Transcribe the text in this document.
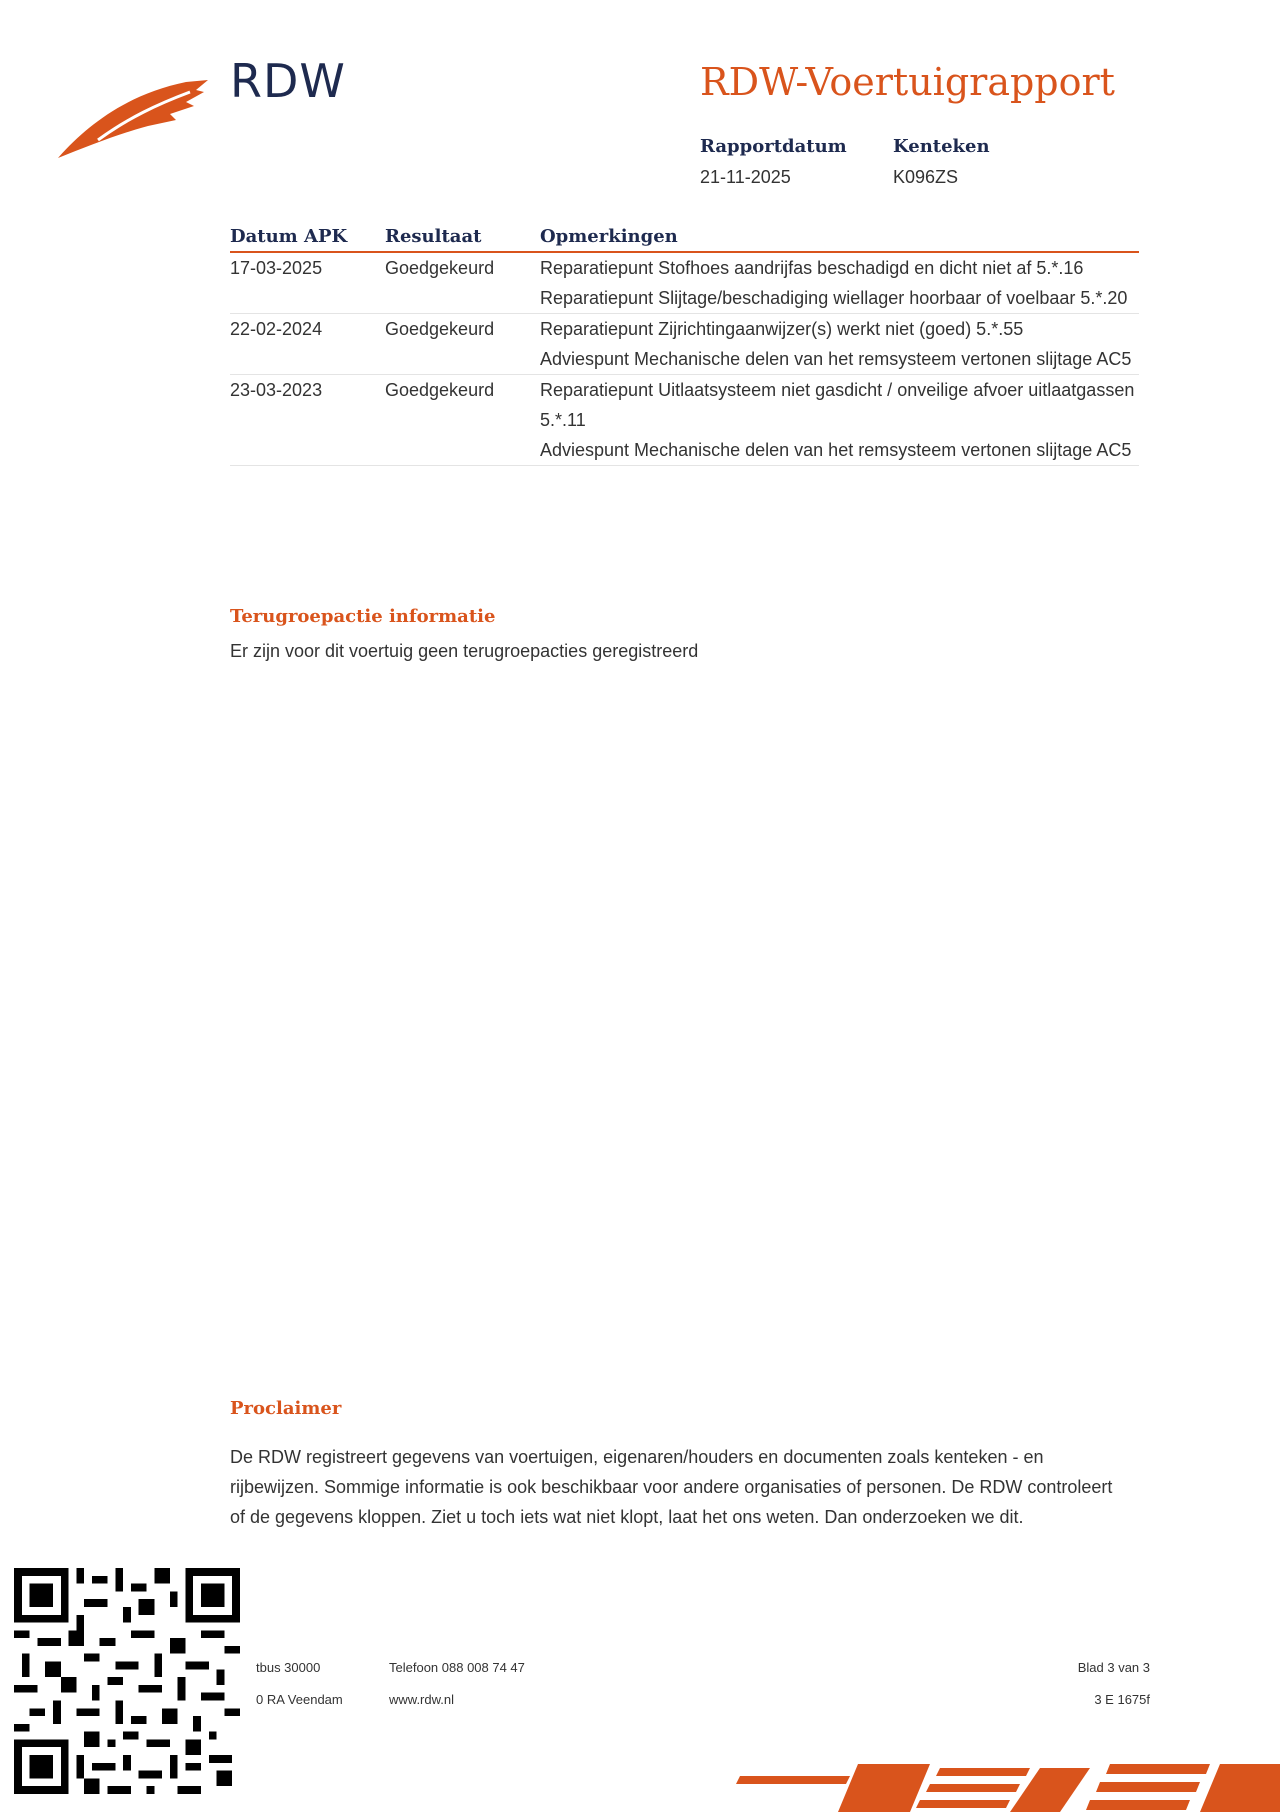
RDW	RDW-Voertuigrapport
Rapportdatum
21-11-2025
Kenteken
K096ZS
Datum APK	Resultaat	Opmerkingen
17-03-2025	Goedgekeurd	Reparatiepunt Stofhoes aandrijfas beschadigd en dicht niet af 5.*.16
Reparatiepunt Slijtage/beschadiging wiellager hoorbaar of voelbaar 5.*.20

22-02-2024	Goedgekeurd	Reparatiepunt Zijrichtingaanwijzer(s) werkt niet (goed) 5.*.55
Adviespunt Mechanische delen van het remsysteem vertonen slijtage AC5

23-03-2023	Goedgekeurd	Reparatiepunt Uitlaatsysteem niet gasdicht / onveilige afvoer uitlaatgassen 5.*.11
Adviespunt Mechanische delen van het remsysteem vertonen slijtage AC5
Terugroepactie informatie
Er zijn voor dit voertuig geen terugroepacties geregistreerd
Proclaimer
De RDW registreert gegevens van voertuigen, eigenaren/houders en documenten zoals kenteken - en rijbewijzen. Sommige informatie is ook beschikbaar voor andere organisaties of personen. De RDW controleert of de gegevens kloppen. Ziet u toch iets wat niet klopt, laat het ons weten. Dan onderzoeken we dit.
tbus 30000
0 RA Veendam
Telefoon 088 008 74 47
www.rdw.nl
Blad 3 van 3
3 E 1675f
